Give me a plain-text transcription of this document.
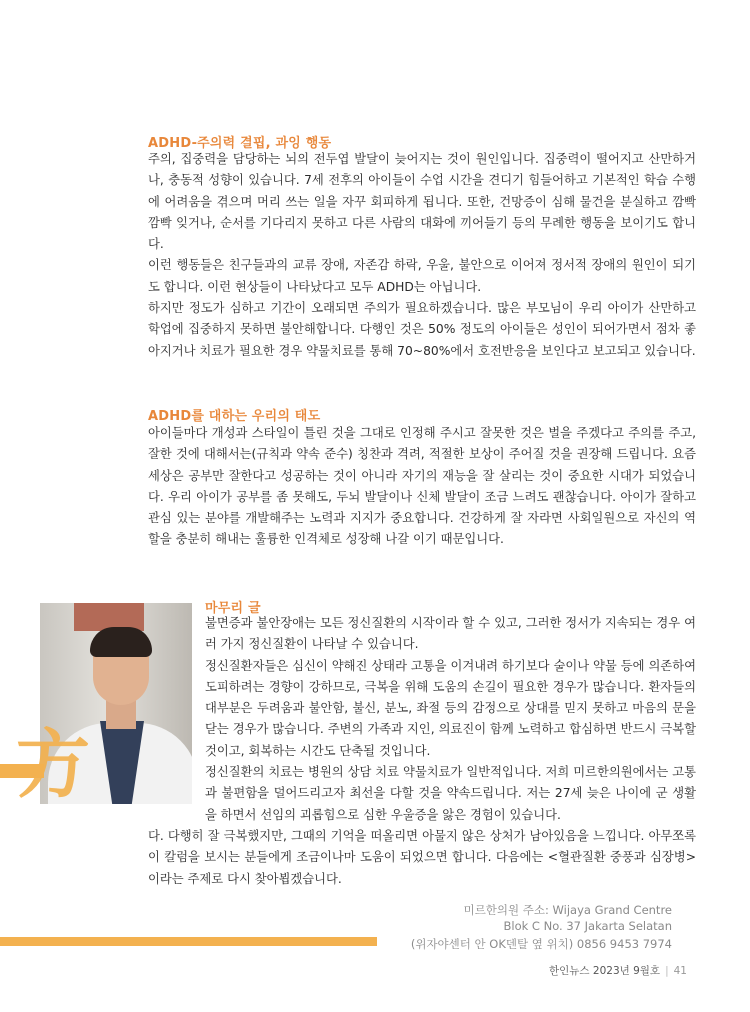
ADHD-주의력 결핍, 과잉 행동

주의, 집중력을 담당하는 뇌의 전두엽 발달이 늦어지는 것이 원인입니다. 집중력이 떨어지고 산만하거나, 충동적 성향이 있습니다. 7세 전후의 아이들이 수업 시간을 견디기 힘들어하고 기본적인 학습 수행에 어려움을 겪으며 머리 쓰는 일을 자꾸 회피하게 됩니다. 또한, 건망증이 심해 물건을 분실하고 깜빡깜빡 잊거나, 순서를 기다리지 못하고 다른 사람의 대화에 끼어들기 등의 무례한 행동을 보이기도 합니다.
이런 행동들은 친구들과의 교류 장애, 자존감 하락, 우울, 불안으로 이어져 정서적 장애의 원인이 되기도 합니다. 이런 현상들이 나타났다고 모두 ADHD는 아닙니다.
하지만 정도가 심하고 기간이 오래되면 주의가 필요하겠습니다. 많은 부모님이 우리 아이가 산만하고 학업에 집중하지 못하면 불안해합니다. 다행인 것은 50% 정도의 아이들은 성인이 되어가면서 점차 좋아지거나 치료가 필요한 경우 약물치료를 통해 70~80%에서 호전반응을 보인다고 보고되고 있습니다.

ADHD를 대하는 우리의 태도

아이들마다 개성과 스타일이 틀린 것을 그대로 인정해 주시고 잘못한 것은 벌을 주겠다고 주의를 주고, 잘한 것에 대해서는(규칙과 약속 준수) 칭찬과 격려, 적절한 보상이 주어질 것을 권장해 드립니다. 요즘 세상은 공부만 잘한다고 성공하는 것이 아니라 자기의 재능을 잘 살리는 것이 중요한 시대가 되었습니다. 우리 아이가 공부를 좀 못해도, 두뇌 발달이나 신체 발달이 조금 느려도 괜찮습니다. 아이가 잘하고 관심 있는 분야를 개발해주는 노력과 지지가 중요합니다. 건강하게 잘 자라면 사회일원으로 자신의 역할을 충분히 해내는 훌륭한 인격체로 성장해 나갈 이기 때문입니다.

方
마무리 글

불면증과 불안장애는 모든 정신질환의 시작이라 할 수 있고, 그러한 정서가 지속되는 경우 여러 가지 정신질환이 나타날 수 있습니다.
정신질환자들은 심신이 약해진 상태라 고통을 이겨내려 하기보다 술이나 약물 등에 의존하여 도피하려는 경향이 강하므로, 극복을 위해 도움의 손길이 필요한 경우가 많습니다. 환자들의 대부분은 두려움과 불안함, 불신, 분노, 좌절 등의 감정으로 상대를 믿지 못하고 마음의 문을 닫는 경우가 많습니다. 주변의 가족과 지인, 의료진이 함께 노력하고 합심하면 반드시 극복할 것이고, 회복하는 시간도 단축될 것입니다.
정신질환의 치료는 병원의 상담 치료 약물치료가 일반적입니다. 저희 미르한의원에서는 고통과 불편함을 덜어드리고자 최선을 다할 것을 약속드립니다. 저는 27세 늦은 나이에 군 생활을 하면서 선임의 괴롭힘으로 심한 우울증을 앓은 경험이 있습니다.

다. 다행히 잘 극복했지만, 그때의 기억을 떠올리면 아물지 않은 상처가 남아있음을 느낍니다. 아무쪼록 이 칼럼을 보시는 분들에게 조금이나마 도움이 되었으면 합니다. 다음에는 <혈관질환 중풍과 심장병> 이라는 주제로 다시 찾아뵙겠습니다.

미르한의원 주소: Wijaya Grand Centre
Blok C No. 37 Jakarta Selatan
(위자야센터 안 OK덴탈 옆 위치) 0856 9453 7974
한인뉴스 2023년 9월호 | 41
